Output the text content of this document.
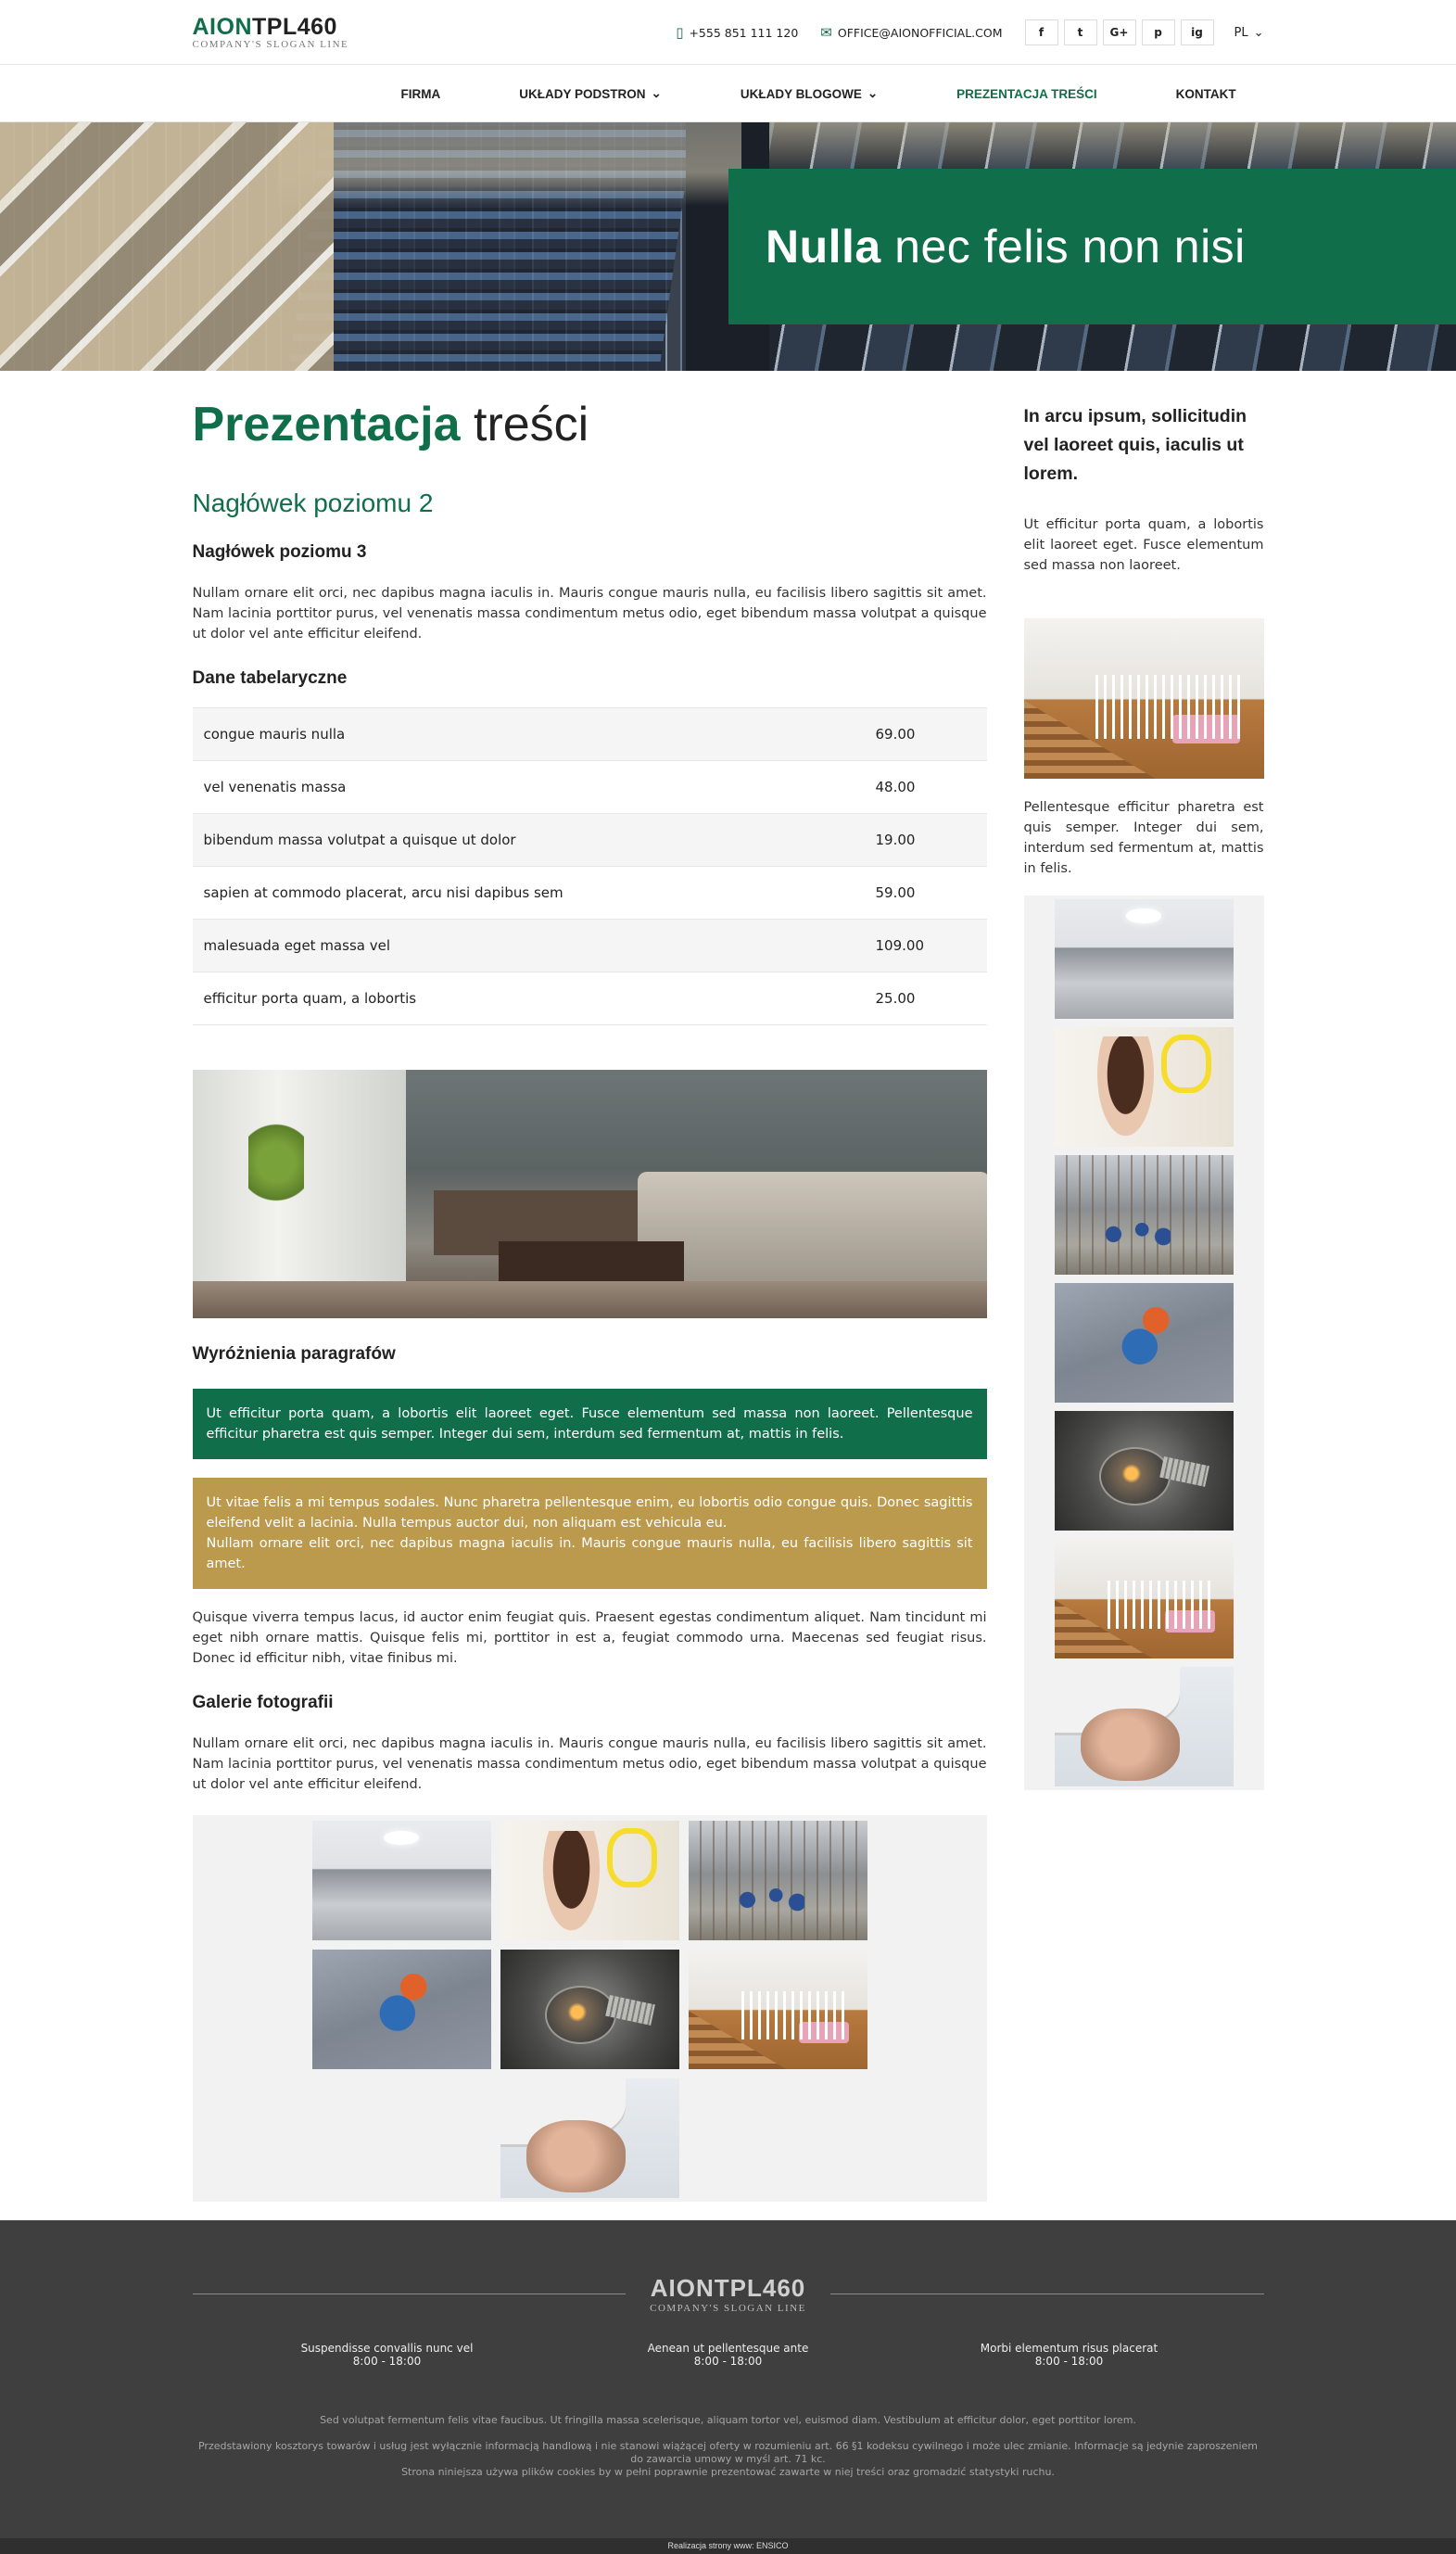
AIONTPL460
COMPANY'S SLOGAN LINE
▯ +555 851 111 120 ✉ OFFICE@AIONOFFICIAL.COM	f	t	G+	p	ig	PL ⌄
FIRMA	UKŁADY PODSTRON ⌄	UKŁADY BLOGOWE ⌄	PREZENTACJA TREŚCI	KONTAKT
Nulla nec felis non nisi
Prezentacja treści
Nagłówek poziomu 2
Nagłówek poziomu 3

Nullam ornare elit orci, nec dapibus magna iaculis in. Mauris congue mauris nulla, eu facilisis libero sagittis sit amet. Nam lacinia porttitor purus, vel venenatis massa condimentum metus odio, eget bibendum massa volutpat a quisque ut dolor vel ante efficitur eleifend.

Dane tabelaryczne
congue mauris nulla	69.00
vel venenatis massa	48.00
bibendum massa volutpat a quisque ut dolor	19.00
sapien at commodo placerat, arcu nisi dapibus sem	59.00
malesuada eget massa vel	109.00
efficitur porta quam, a lobortis	25.00
Wyróżnienia paragrafów
Ut efficitur porta quam, a lobortis elit laoreet eget. Fusce elementum sed massa non laoreet. Pellentesque efficitur pharetra est quis semper. Integer dui sem, interdum sed fermentum at, mattis in felis.
Ut vitae felis a mi tempus sodales. Nunc pharetra pellentesque enim, eu lobortis odio congue quis. Donec sagittis eleifend velit a lacinia. Nulla tempus auctor dui, non aliquam est vehicula eu.
Nullam ornare elit orci, nec dapibus magna iaculis in. Mauris congue mauris nulla, eu facilisis libero sagittis sit amet.

Quisque viverra tempus lacus, id auctor enim feugiat quis. Praesent egestas condimentum aliquet. Nam tincidunt mi eget nibh ornare mattis. Quisque felis mi, porttitor in est a, feugiat commodo urna. Maecenas sed feugiat risus. Donec id efficitur nibh, vitae finibus mi.

Galerie fotografii

Nullam ornare elit orci, nec dapibus magna iaculis in. Mauris congue mauris nulla, eu facilisis libero sagittis sit amet. Nam lacinia porttitor purus, vel venenatis massa condimentum metus odio, eget bibendum massa volutpat a quisque ut dolor vel ante efficitur eleifend.

In arcu ipsum, sollicitudin vel laoreet quis, iaculis ut lorem.

Ut efficitur porta quam, a lobortis elit laoreet eget. Fusce elementum sed massa non laoreet.

Pellentesque efficitur pharetra est quis semper. Integer dui sem, interdum sed fermentum at, mattis in felis.

AIONTPL460
COMPANY'S SLOGAN LINE
Suspendisse convallis nunc vel
8:00 - 18:00
Aenean ut pellentesque ante
8:00 - 18:00
Morbi elementum risus placerat
8:00 - 18:00

Sed volutpat fermentum felis vitae faucibus. Ut fringilla massa scelerisque, aliquam tortor vel, euismod diam. Vestibulum at efficitur dolor, eget porttitor lorem.

Przedstawiony kosztorys towarów i usług jest wyłącznie informacją handlową i nie stanowi wiążącej oferty w rozumieniu art. 66 §1 kodeksu cywilnego i może ulec zmianie. Informacje są jedynie zaproszeniem do zawarcia umowy w myśl art. 71 kc.
Strona niniejsza używa plików cookies by w pełni poprawnie prezentować zawarte w niej treści oraz gromadzić statystyki ruchu.

Realizacja strony www: ENSICO
